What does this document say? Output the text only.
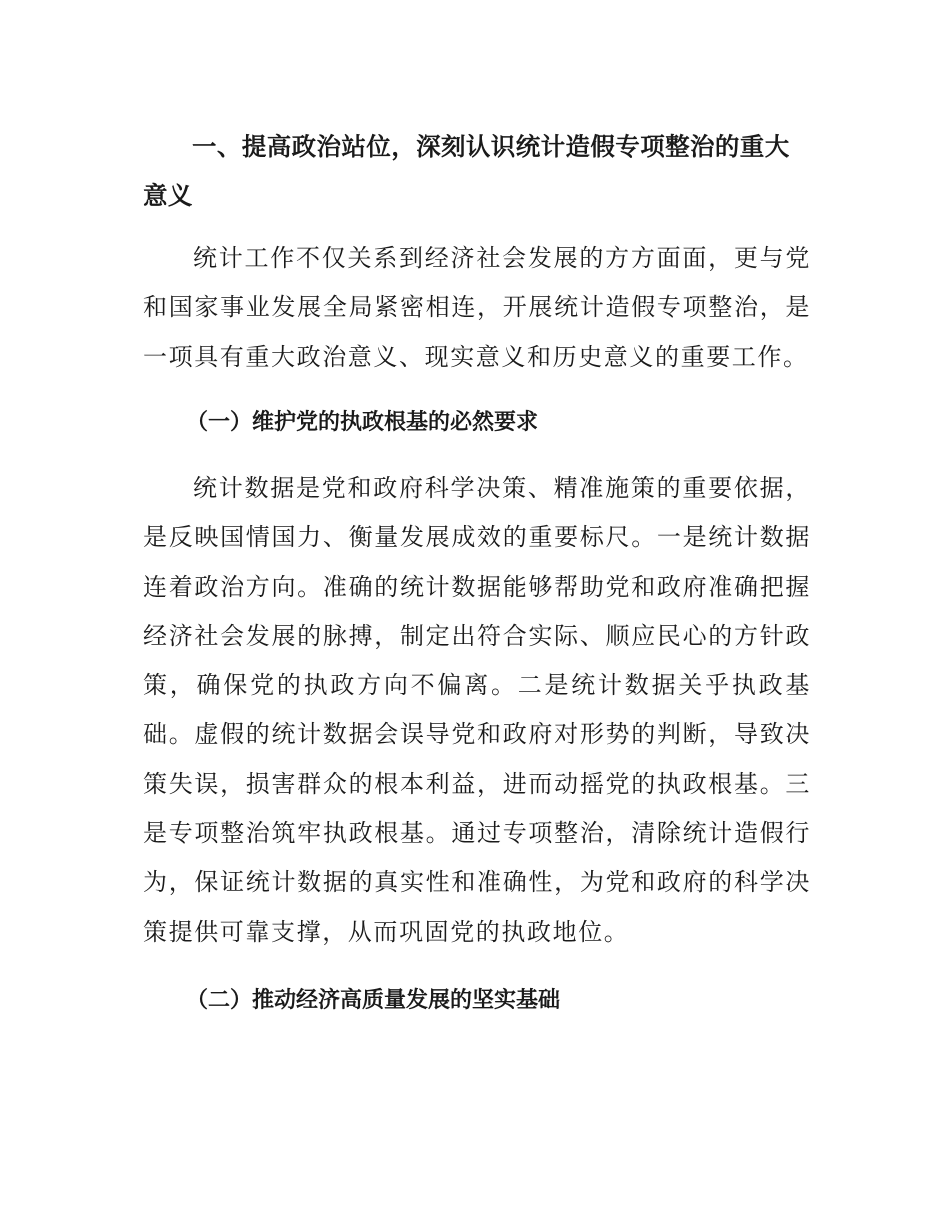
一、提高政治站位，深刻认识统计造假专项整治的重大意义

统计工作不仅关系到经济社会发展的方方面面，更与党和国家事业发展全局紧密相连，开展统计造假专项整治，是一项具有重大政治意义、现实意义和历史意义的重要工作。

（一）维护党的执政根基的必然要求

统计数据是党和政府科学决策、精准施策的重要依据，是反映国情国力、衡量发展成效的重要标尺。一是统计数据连着政治方向。准确的统计数据能够帮助党和政府准确把握经济社会发展的脉搏，制定出符合实际、顺应民心的方针政策，确保党的执政方向不偏离。二是统计数据关乎执政基础。虚假的统计数据会误导党和政府对形势的判断，导致决策失误，损害群众的根本利益，进而动摇党的执政根基。三是专项整治筑牢执政根基。通过专项整治，清除统计造假行为，保证统计数据的真实性和准确性，为党和政府的科学决策提供可靠支撑，从而巩固党的执政地位。

（二）推动经济高质量发展的坚实基础
